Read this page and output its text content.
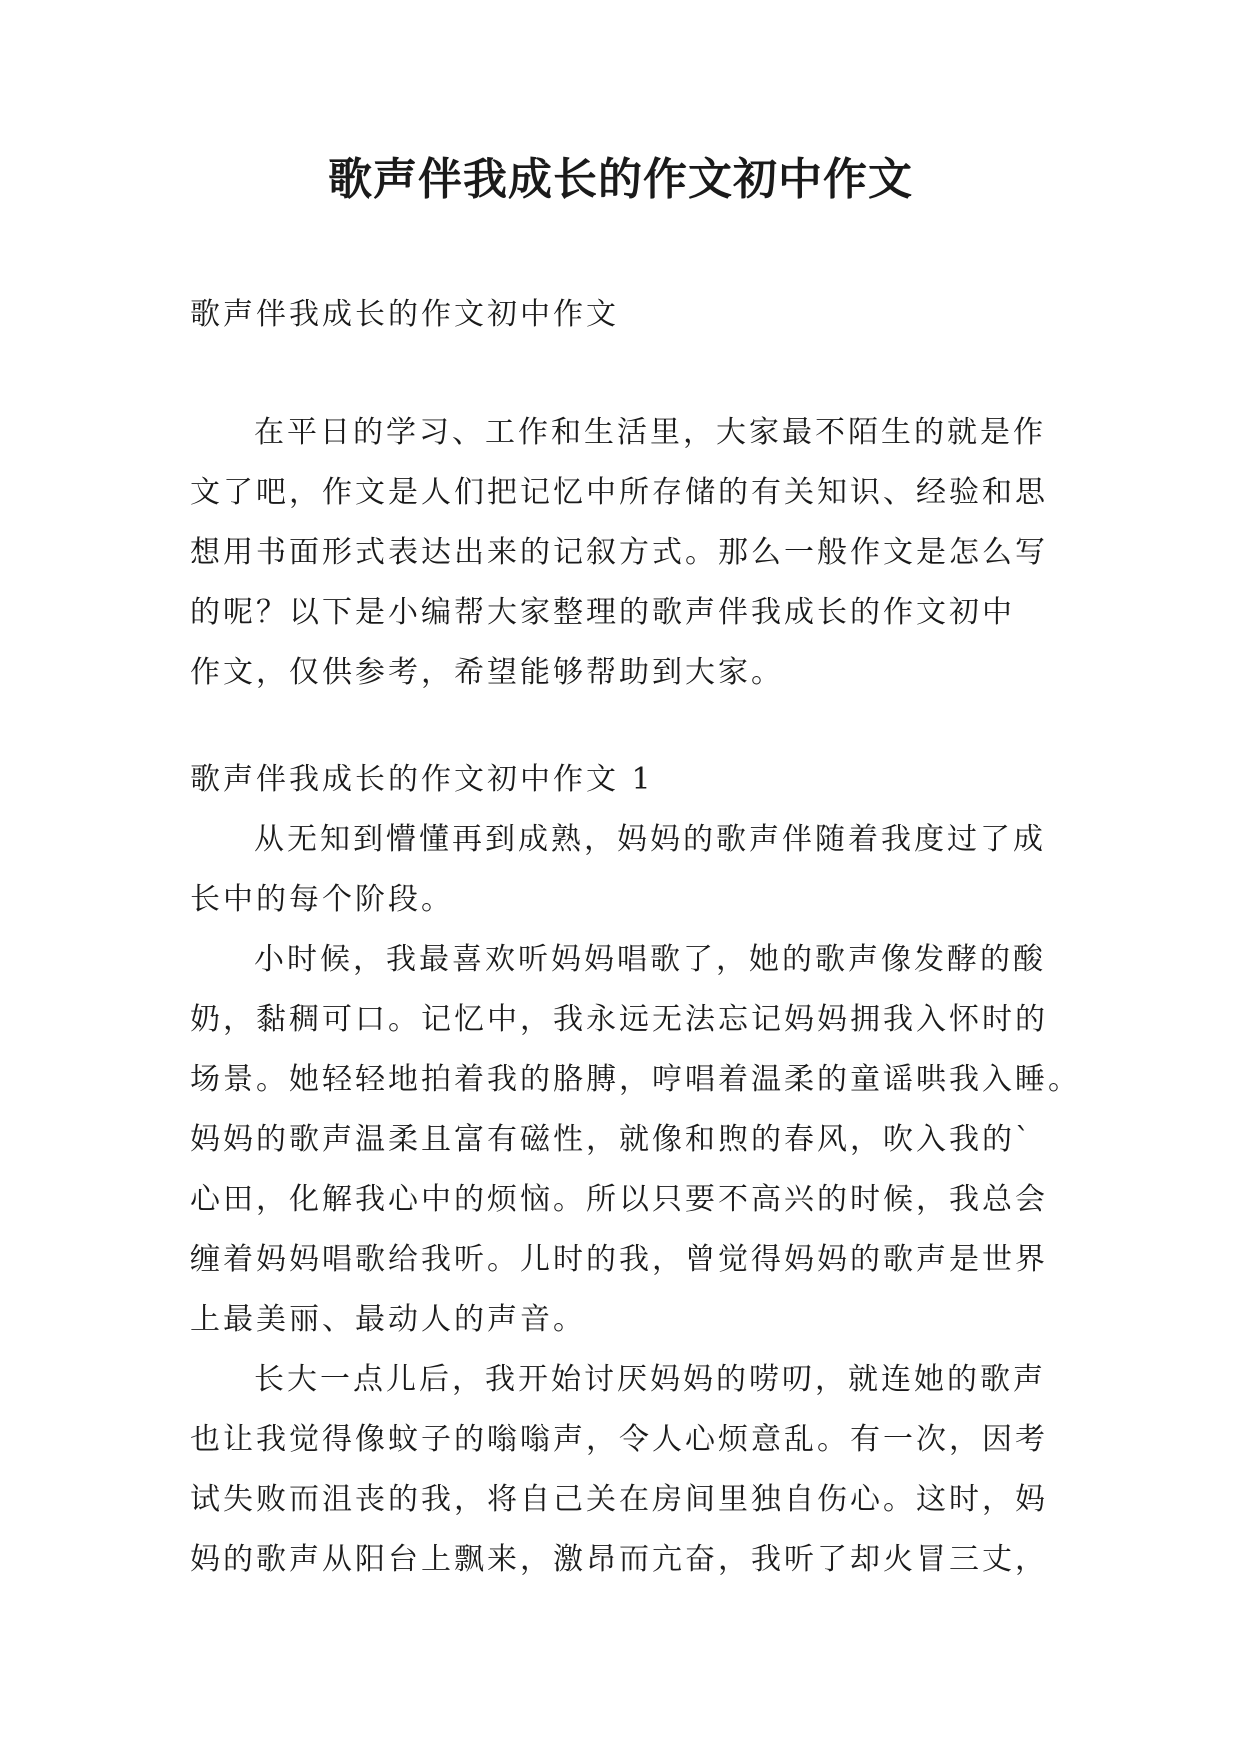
歌声伴我成长的作文初中作文
歌声伴我成长的作文初中作文
在平日的学习、工作和生活里，大家最不陌生的就是作
文了吧，作文是人们把记忆中所存储的有关知识、经验和思
想用书面形式表达出来的记叙方式。那么一般作文是怎么写
的呢？以下是小编帮大家整理的歌声伴我成长的作文初中
作文，仅供参考，希望能够帮助到大家。
歌声伴我成长的作文初中作文 1
从无知到懵懂再到成熟，妈妈的歌声伴随着我度过了成
长中的每个阶段。
小时候，我最喜欢听妈妈唱歌了，她的歌声像发酵的酸
奶，黏稠可口。记忆中，我永远无法忘记妈妈拥我入怀时的
场景。她轻轻地拍着我的胳膊，哼唱着温柔的童谣哄我入睡。
妈妈的歌声温柔且富有磁性，就像和煦的春风，吹入我的`
心田，化解我心中的烦恼。所以只要不高兴的时候，我总会
缠着妈妈唱歌给我听。儿时的我，曾觉得妈妈的歌声是世界
上最美丽、最动人的声音。
长大一点儿后，我开始讨厌妈妈的唠叨，就连她的歌声
也让我觉得像蚊子的嗡嗡声，令人心烦意乱。有一次，因考
试失败而沮丧的我，将自己关在房间里独自伤心。这时，妈
妈的歌声从阳台上飘来，激昂而亢奋，我听了却火冒三丈，
